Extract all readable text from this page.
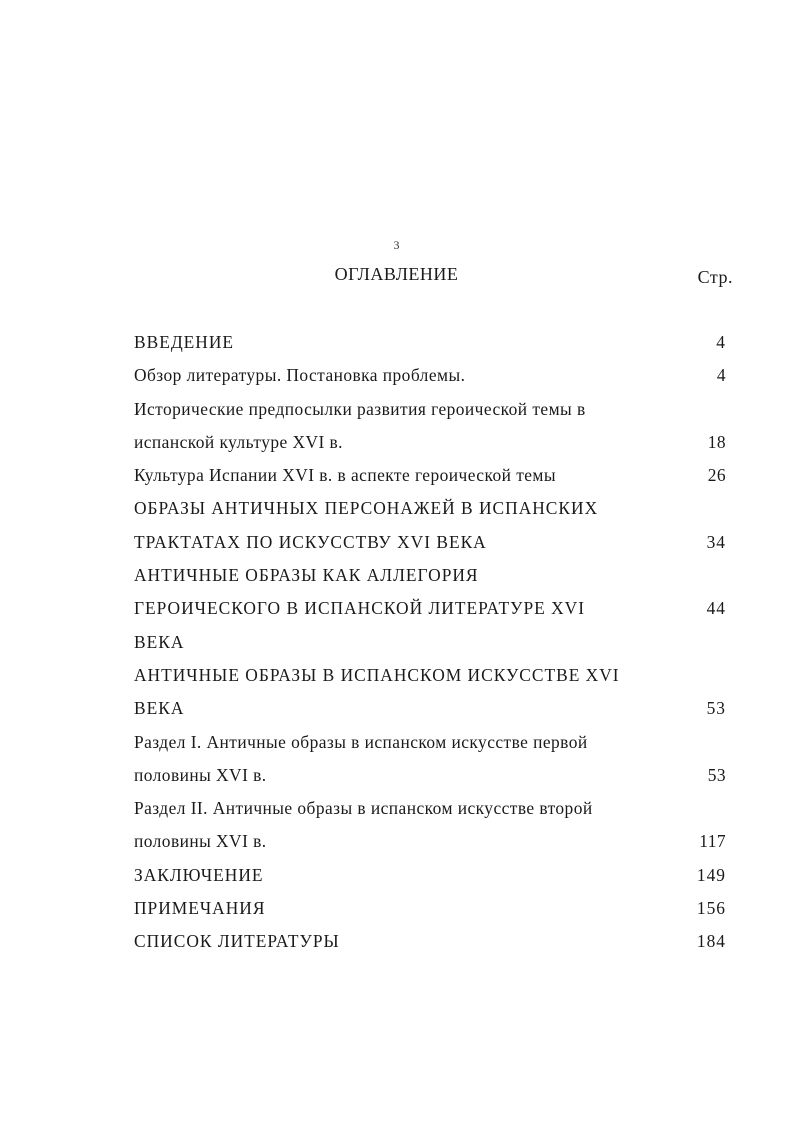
3
ОГЛАВЛЕНИЕ	Стр.
ВВЕДЕНИЕ	4
Обзор литературы. Постановка проблемы.	4
Исторические предпосылки развития героической темы в
испанской культуре XVI в.	18
Культура Испании XVI в. в аспекте героической темы	26
ОБРАЗЫ АНТИЧНЫХ ПЕРСОНАЖЕЙ В ИСПАНСКИХ
ТРАКТАТАХ ПО ИСКУССТВУ XVI ВЕКА	34
АНТИЧНЫЕ ОБРАЗЫ КАК АЛЛЕГОРИЯ
ГЕРОИЧЕСКОГО В ИСПАНСКОЙ ЛИТЕРАТУРЕ XVI	44
ВЕКА
АНТИЧНЫЕ ОБРАЗЫ В ИСПАНСКОМ ИСКУССТВЕ XVI
ВЕКА	53
Раздел I. Античные образы в испанском искусстве первой
половины XVI в.	53
Раздел II. Античные образы в испанском искусстве второй
половины XVI в.	117
ЗАКЛЮЧЕНИЕ	149
ПРИМЕЧАНИЯ	156
СПИСОК ЛИТЕРАТУРЫ	184
